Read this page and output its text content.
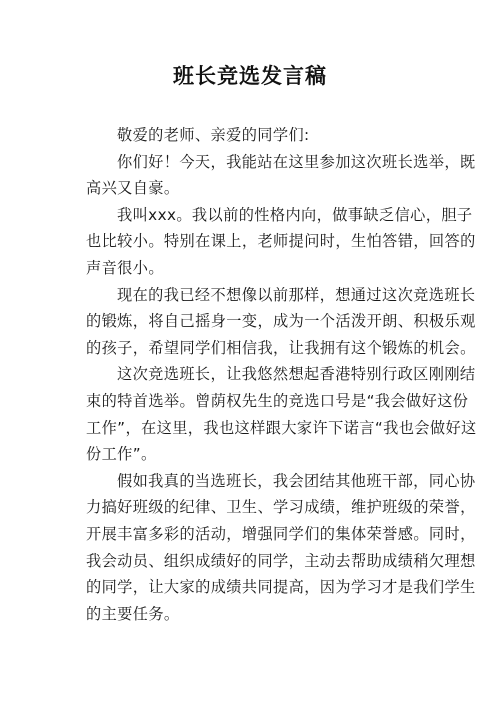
班长竞选发言稿

敬爱的老师、亲爱的同学们:

你们好！今天，我能站在这里参加这次班长选举，既高兴又自豪。

我叫xxx。我以前的性格内向，做事缺乏信心，胆子也比较小。特别在课上，老师提问时，生怕答错，回答的声音很小。

现在的我已经不想像以前那样，想通过这次竞选班长的锻炼，将自己摇身一变，成为一个活泼开朗、积极乐观的孩子，希望同学们相信我，让我拥有这个锻炼的机会。

这次竞选班长，让我悠然想起香港特别行政区刚刚结束的特首选举。曾荫权先生的竞选口号是“我会做好这份工作”，在这里，我也这样跟大家许下诺言“我也会做好这份工作”。

假如我真的当选班长，我会团结其他班干部，同心协力搞好班级的纪律、卫生、学习成绩，维护班级的荣誉，开展丰富多彩的活动，增强同学们的集体荣誉感。同时，我会动员、组织成绩好的同学，主动去帮助成绩稍欠理想的同学，让大家的成绩共同提高，因为学习才是我们学生的主要任务。
